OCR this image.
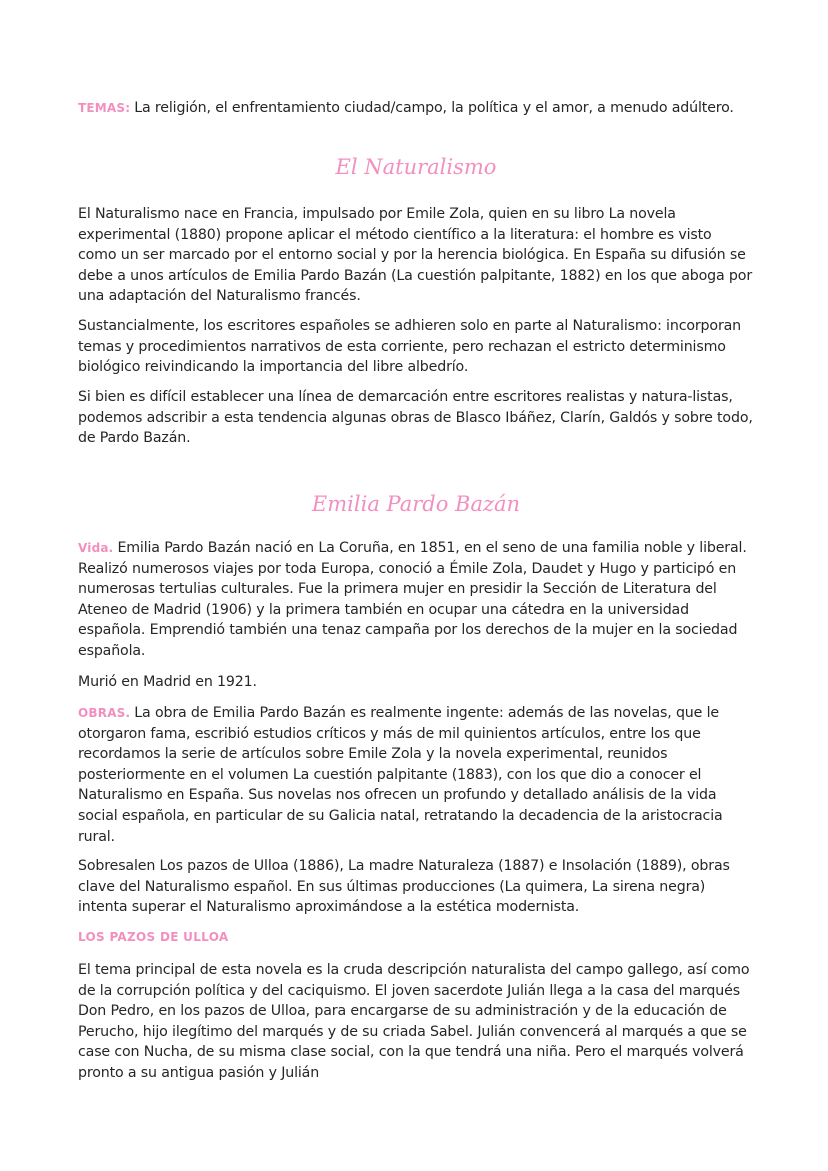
TEMAS: La religión, el enfrentamiento ciudad/campo, la política y el amor, a menudo adúltero.

El Naturalismo

El Naturalismo nace en Francia, impulsado por Emile Zola, quien en su libro La novela experimental (1880) propone aplicar el método científico a la literatura: el hombre es visto como un ser marcado por el entorno social y por la herencia biológica. En España su difusión se debe a unos artículos de Emilia Pardo Bazán (La cuestión palpitante, 1882) en los que aboga por una adaptación del Naturalismo francés.

Sustancialmente, los escritores españoles se adhieren solo en parte al Naturalismo: incorporan temas y procedimientos narrativos de esta corriente, pero rechazan el estricto determinismo biológico reivindicando la importancia del libre albedrío.

Si bien es difícil establecer una línea de demarcación entre escritores realistas y natura-listas, podemos adscribir a esta tendencia algunas obras de Blasco Ibáñez, Clarín, Galdós y sobre todo, de Pardo Bazán.

Emilia Pardo Bazán

Vida. Emilia Pardo Bazán nació en La Coruña, en 1851, en el seno de una familia noble y liberal. Realizó numerosos viajes por toda Europa, conoció a Émile Zola, Daudet y Hugo y participó en numerosas tertulias culturales. Fue la primera mujer en presidir la Sección de Literatura del Ateneo de Madrid (1906) y la primera también en ocupar una cátedra en la universidad española. Emprendió también una tenaz campaña por los derechos de la mujer en la sociedad española.

Murió en Madrid en 1921.

OBRAS. La obra de Emilia Pardo Bazán es realmente ingente: además de las novelas, que le otorgaron fama, escribió estudios críticos y más de mil quinientos artículos, entre los que recordamos la serie de artículos sobre Emile Zola y la novela experimental, reunidos posteriormente en el volumen La cuestión palpitante (1883), con los que dio a conocer el Naturalismo en España. Sus novelas nos ofrecen un profundo y detallado análisis de la vida social española, en particular de su Galicia natal, retratando la decadencia de la aristocracia rural.

Sobresalen Los pazos de Ulloa (1886), La madre Naturaleza (1887) e Insolación (1889), obras clave del Naturalismo español. En sus últimas producciones (La quimera, La sirena negra) intenta superar el Naturalismo aproximándose a la estética modernista.

LOS PAZOS DE ULLOA

El tema principal de esta novela es la cruda descripción naturalista del campo gallego, así como de la corrupción política y del caciquismo. El joven sacerdote Julián llega a la casa del marqués Don Pedro, en los pazos de Ulloa, para encargarse de su administración y de la educación de Perucho, hijo ilegítimo del marqués y de su criada Sabel. Julián convencerá al marqués a que se case con Nucha, de su misma clase social, con la que tendrá una niña. Pero el marqués volverá pronto a su antigua pasión y Julián
